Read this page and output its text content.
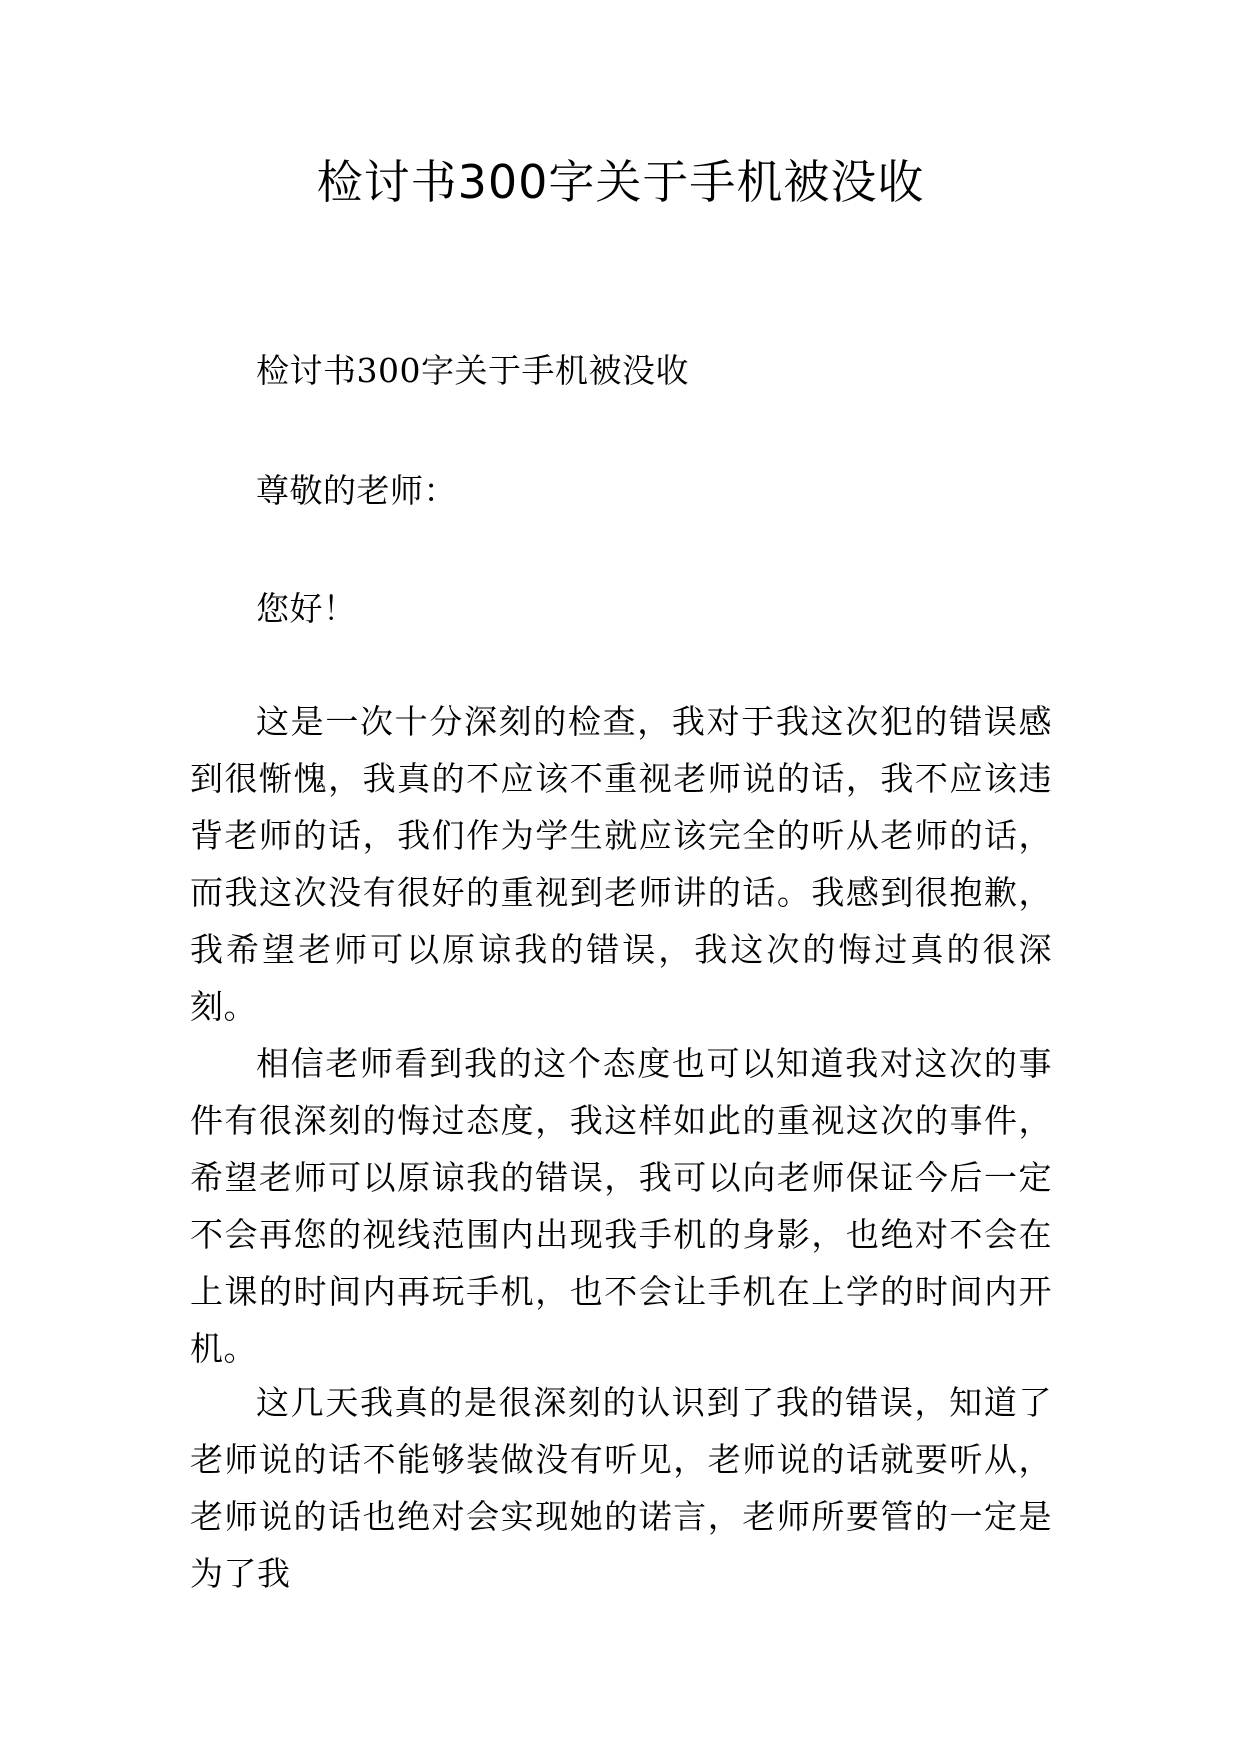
检讨书300字关于手机被没收

检讨书300字关于手机被没收

尊敬的老师：

您好！

这是一次十分深刻的检查，我对于我这次犯的错误感到很惭愧，我真的不应该不重视老师说的话，我不应该违背老师的话，我们作为学生就应该完全的听从老师的话，而我这次没有很好的重视到老师讲的话。我感到很抱歉，我希望老师可以原谅我的错误，我这次的悔过真的很深刻。

相信老师看到我的这个态度也可以知道我对这次的事件有很深刻的悔过态度，我这样如此的重视这次的事件，希望老师可以原谅我的错误，我可以向老师保证今后一定不会再您的视线范围内出现我手机的身影，也绝对不会在上课的时间内再玩手机，也不会让手机在上学的时间内开机。

这几天我真的是很深刻的认识到了我的错误，知道了老师说的话不能够装做没有听见，老师说的话就要听从，老师说的话也绝对会实现她的诺言，老师所要管的一定是为了我
